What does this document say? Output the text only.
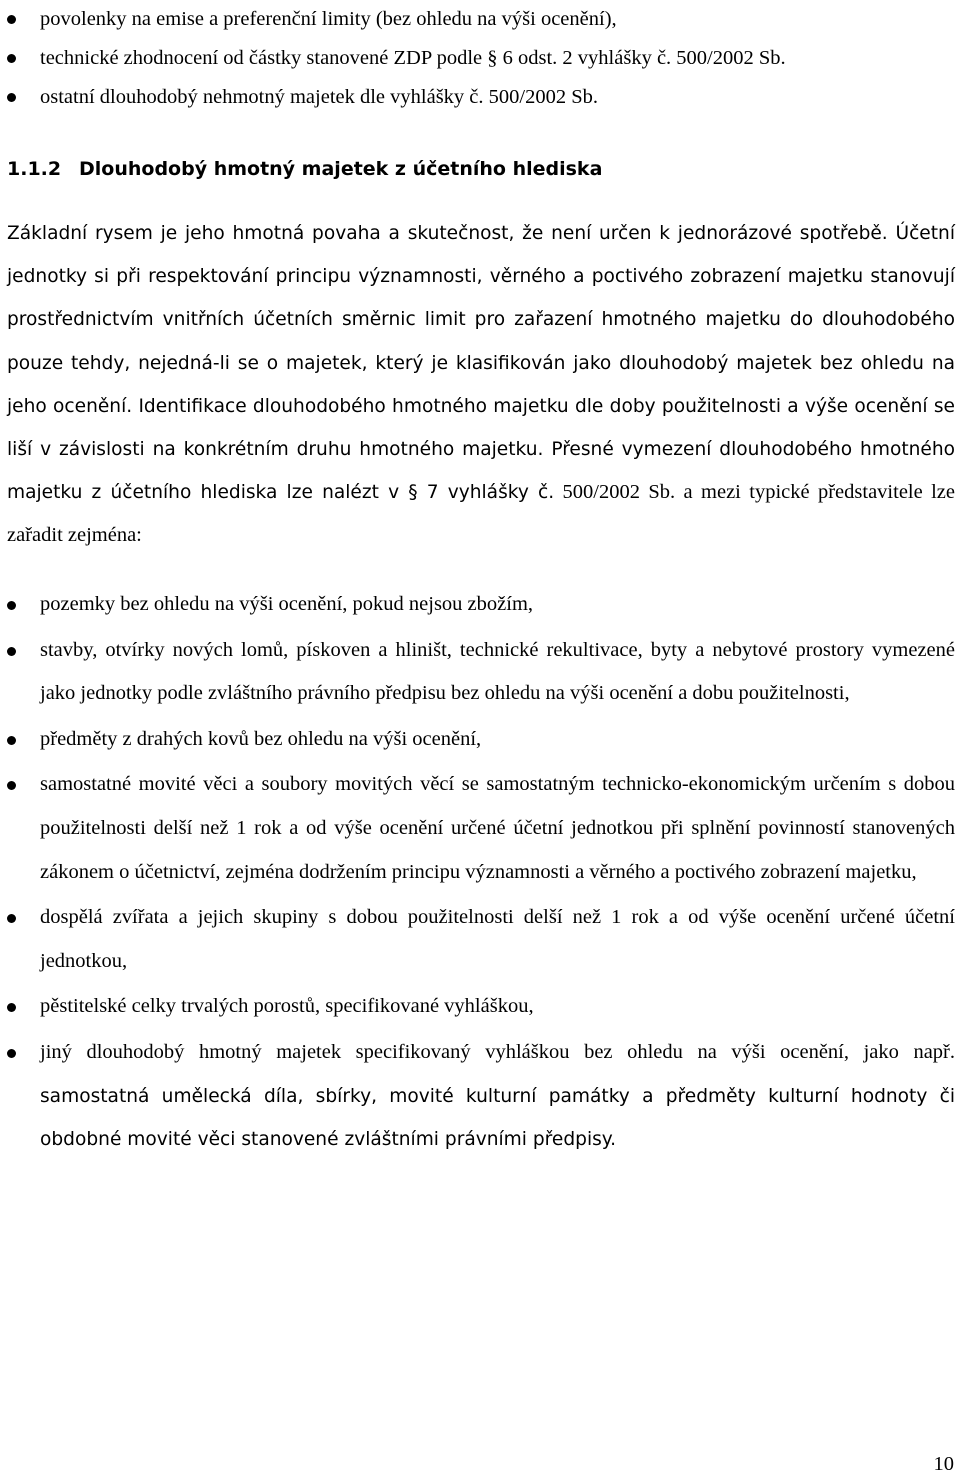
povolenky na emise a preferenční limity (bez ohledu na výši ocenění),
technické zhodnocení od částky stanovené ZDP podle § 6 odst. 2 vyhlášky č. 500/2002 Sb.
ostatní dlouhodobý nehmotný majetek dle vyhlášky č. 500/2002 Sb.
1.1.2 Dlouhodobý hmotný majetek z účetního hlediska

Základní rysem je jeho hmotná povaha a skutečnost, že není určen k jednorázové spotřebě. Účetní jednotky si při respektování principu významnosti, věrného a poctivého zobrazení majetku stanovují prostřednictvím vnitřních účetních směrnic limit pro zařazení hmotného majetku do dlouhodobého pouze tehdy, nejedná-li se o majetek, který je klasifikován jako dlouhodobý majetek bez ohledu na jeho ocenění. Identifikace dlouhodobého hmotného majetku dle doby použitelnosti a výše ocenění se liší v závislosti na konkrétním druhu hmotného majetku. Přesné vymezení dlouhodobého hmotného majetku z účetního hlediska lze nalézt v § 7 vyhlášky č. 500/2002 Sb. a mezi typické představitele lze zařadit zejména:

pozemky bez ohledu na výši ocenění, pokud nejsou zbožím,
stavby, otvírky nových lomů, pískoven a hliništ, technické rekultivace, byty a nebytové prostory vymezené jako jednotky podle zvláštního právního předpisu bez ohledu na výši ocenění a dobu použitelnosti,
předměty z drahých kovů bez ohledu na výši ocenění,
samostatné movité věci a soubory movitých věcí se samostatným technicko-ekonomickým určením s dobou použitelnosti delší než 1 rok a od výše ocenění určené účetní jednotkou při splnění povinností stanovených zákonem o účetnictví, zejména dodržením principu významnosti a věrného a poctivého zobrazení majetku,
dospělá zvířata a jejich skupiny s dobou použitelnosti delší než 1 rok a od výše ocenění určené účetní jednotkou,
pěstitelské celky trvalých porostů, specifikované vyhláškou,
jiný dlouhodobý hmotný majetek specifikovaný vyhláškou bez ohledu na výši ocenění, jako např. samostatná umělecká díla, sbírky, movité kulturní památky a předměty kulturní hodnoty či obdobné movité věci stanovené zvláštními právními předpisy.
10
